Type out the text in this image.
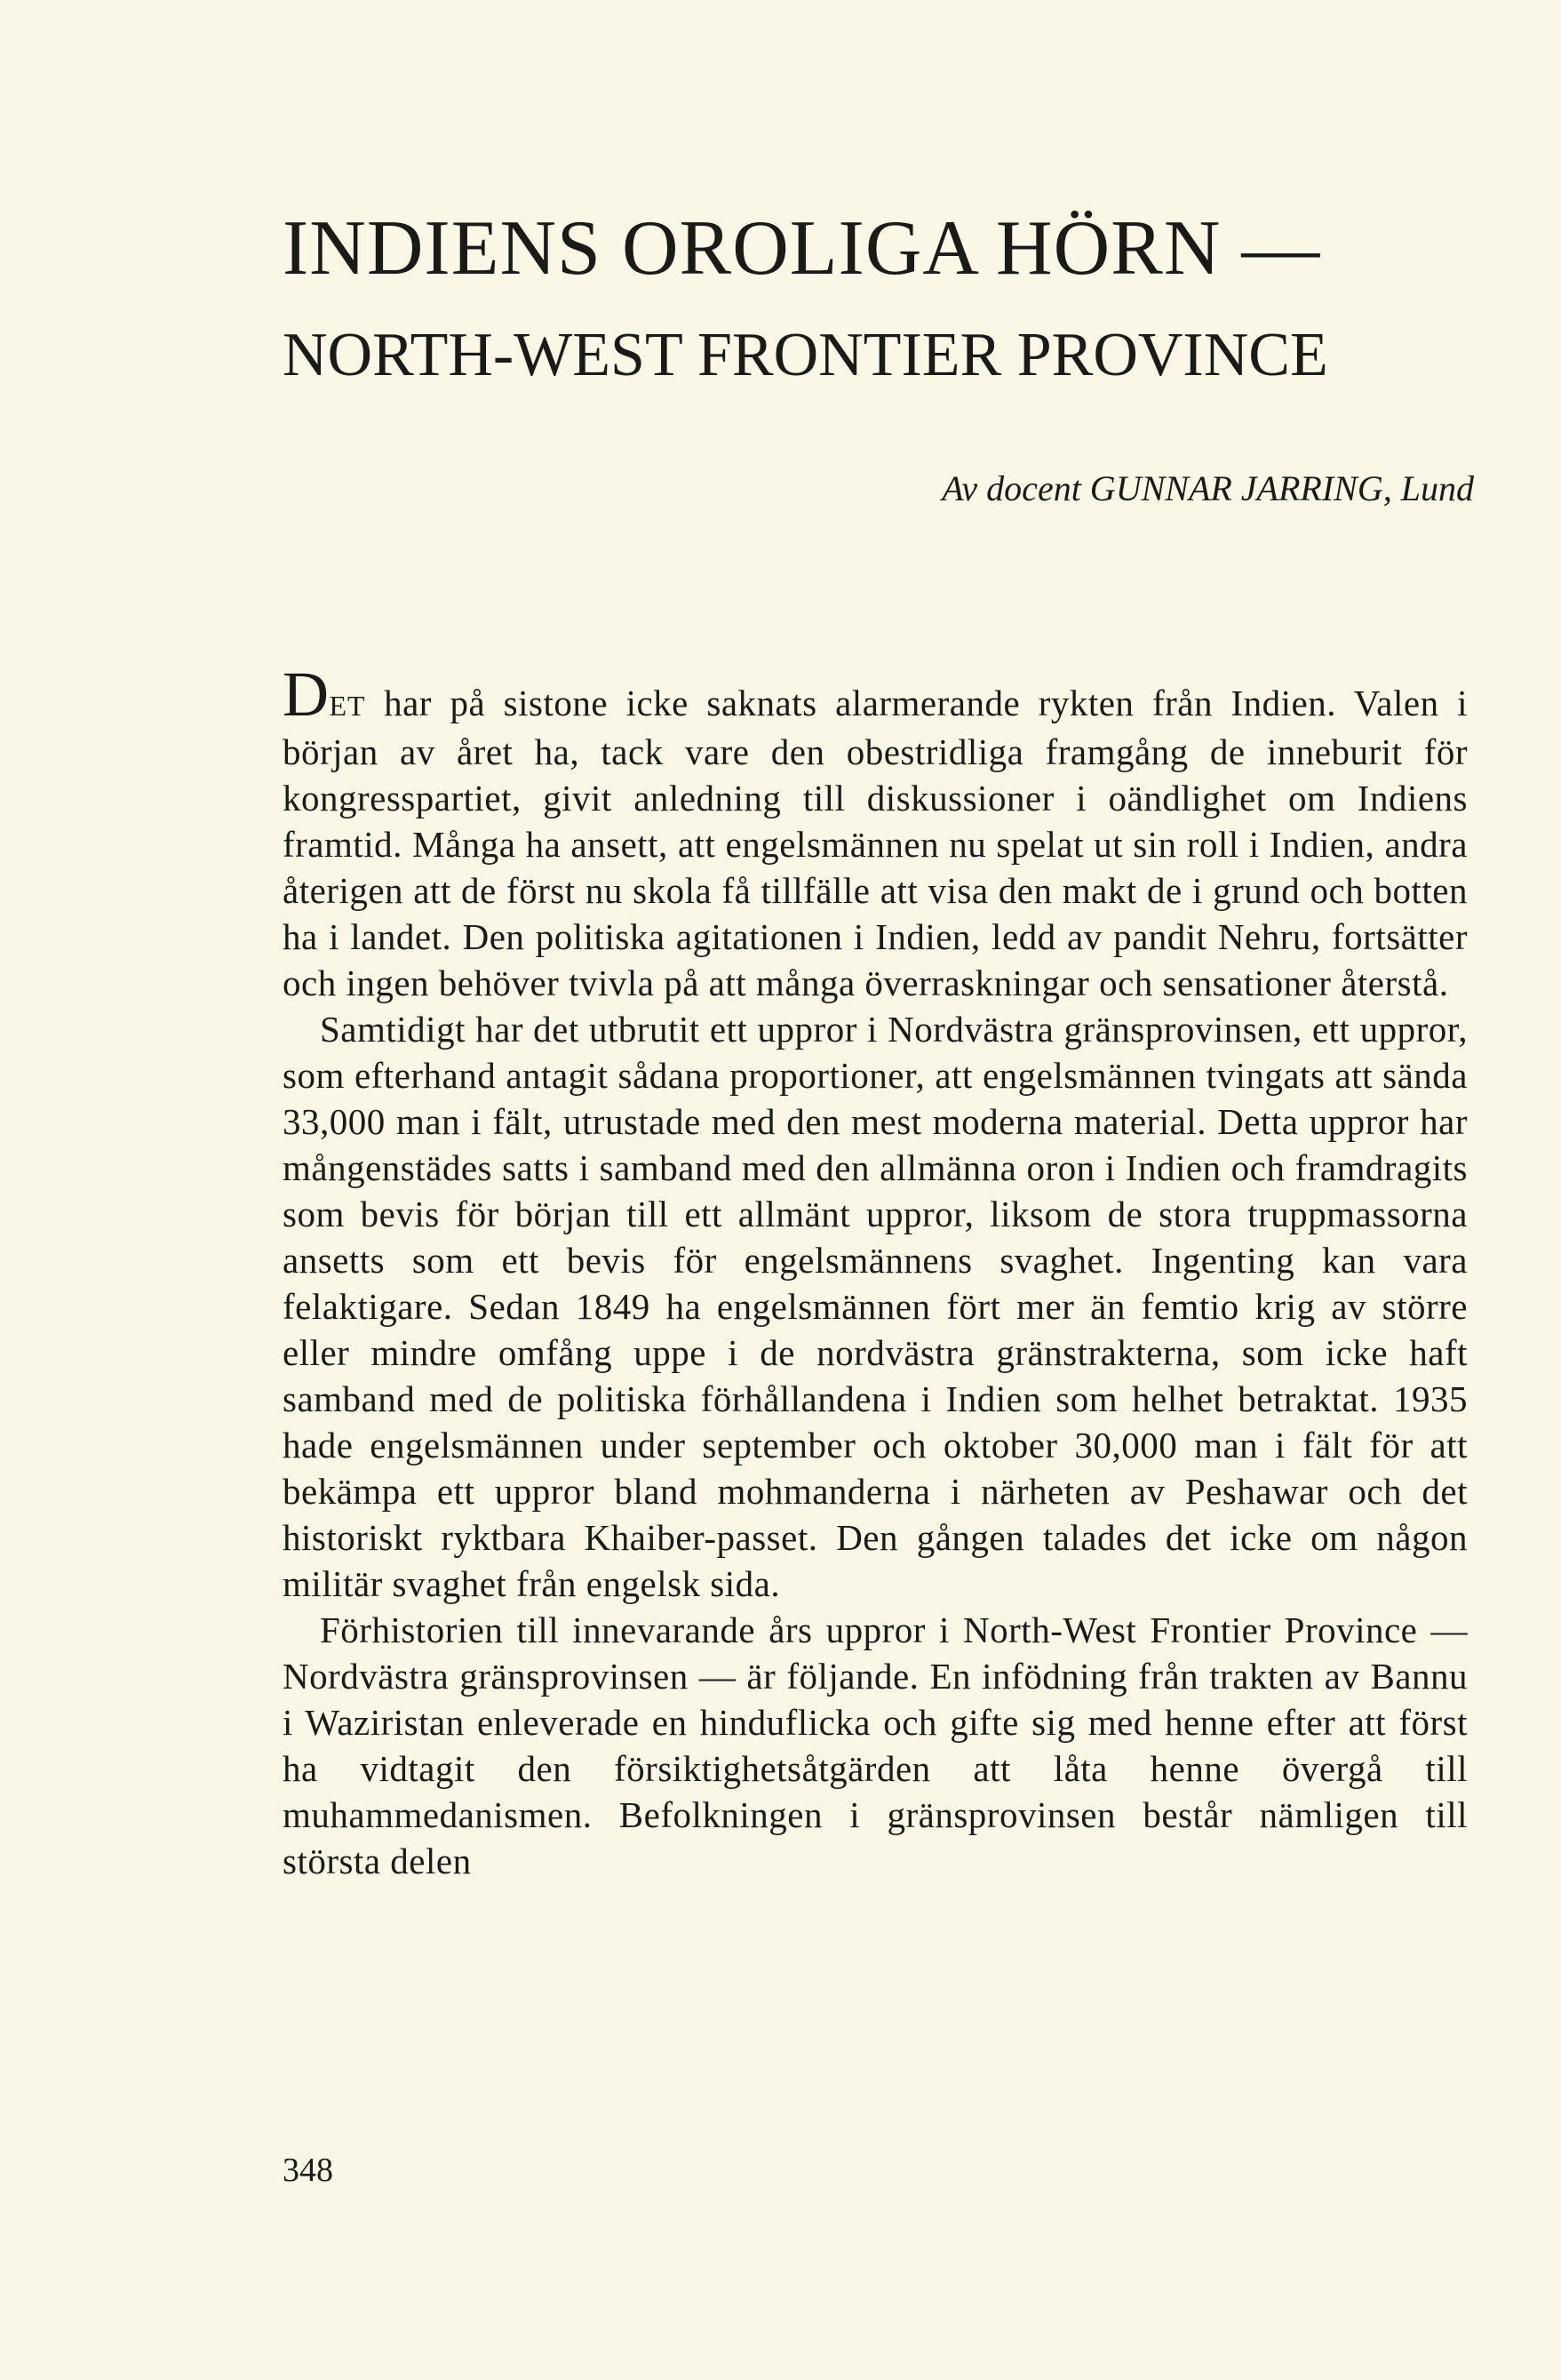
INDIENS OROLIGA HÖRN —
NORTH-WEST FRONTIER PROVINCE

Av docent GUNNAR JARRING, Lund

DET har på sistone icke saknats alarmerande rykten från Indien. Valen i början av året ha, tack vare den obestridliga framgång de inneburit för kongresspartiet, givit anledning till diskussioner i oändlighet om Indiens framtid. Många ha ansett, att engelsmännen nu spelat ut sin roll i Indien, andra återigen att de först nu skola få tillfälle att visa den makt de i grund och botten ha i landet. Den politiska agitationen i Indien, ledd av pandit Nehru, fortsätter och ingen behöver tvivla på att många överraskningar och sensationer återstå.

Samtidigt har det utbrutit ett uppror i Nordvästra gränsprovinsen, ett uppror, som efterhand antagit sådana proportioner, att engelsmännen tvingats att sända 33,000 man i fält, utrustade med den mest moderna material. Detta uppror har mångenstädes satts i samband med den allmänna oron i Indien och framdragits som bevis för början till ett allmänt uppror, liksom de stora truppmassorna ansetts som ett bevis för engelsmännens svaghet. Ingenting kan vara felaktigare. Sedan 1849 ha engelsmännen fört mer än femtio krig av större eller mindre omfång uppe i de nordvästra gränstrakterna, som icke haft samband med de politiska förhållandena i Indien som helhet betraktat. 1935 hade engelsmännen under september och oktober 30,000 man i fält för att bekämpa ett uppror bland mohmanderna i närheten av Peshawar och det historiskt ryktbara Khaiber-passet. Den gången talades det icke om någon militär svaghet från engelsk sida.

Förhistorien till innevarande års uppror i North-West Frontier Province — Nordvästra gränsprovinsen — är följande. En infödning från trakten av Bannu i Waziristan enleverade en hinduflicka och gifte sig med henne efter att först ha vidtagit den försiktighetsåtgärden att låta henne övergå till muhammedanismen. Befolkningen i gränsprovinsen består nämligen till största delen

348
